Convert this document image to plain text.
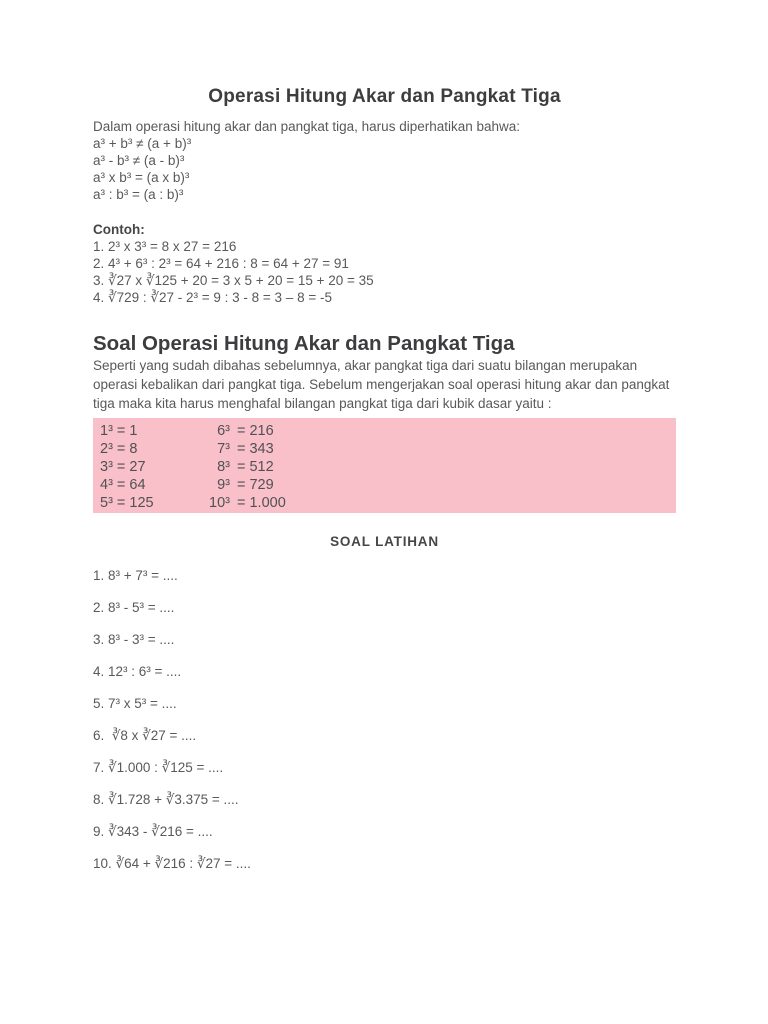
Operasi Hitung Akar dan Pangkat Tiga
Dalam operasi hitung akar dan pangkat tiga, harus diperhatikan bahwa:
a³ + b³ ≠ (a + b)³
a³ - b³ ≠ (a - b)³
a³ x b³ = (a x b)³
a³ : b³ = (a : b)³
Contoh:
1. 2³ x 3³ = 8 x 27 = 216
2. 4³ + 6³ : 2³ = 64 + 216 : 8 = 64 + 27 = 91
3. ∛27 x ∛125 + 20 = 3 x 5 + 20 = 15 + 20 = 35
4. ∛729 : ∛27 - 2³ = 9 : 3 - 8 = 3 – 8 = -5
Soal Operasi Hitung Akar dan Pangkat Tiga

Seperti yang sudah dibahas sebelumnya, akar pangkat tiga dari suatu bilangan merupakan operasi kebalikan dari pangkat tiga. Sebelum mengerjakan soal operasi hitung akar dan pangkat tiga maka kita harus menghafal bilangan pangkat tiga dari kubik dasar yaitu :

1³ = 1	6³ = 216
2³ = 8	7³ = 343
3³ = 27	8³ = 512
4³ = 64	9³ = 729
5³ = 125	10³ = 1.000
SOAL LATIHAN
1. 8³ + 7³ = ....
2. 8³ - 5³ = ....
3. 8³ - 3³ = ....
4. 12³ : 6³ = ....
5. 7³ x 5³ = ....
6.  ∛8 x ∛27 = ....
7. ∛1.000 : ∛125 = ....
8. ∛1.728 + ∛3.375 = ....
9. ∛343 - ∛216 = ....
10. ∛64 + ∛216 : ∛27 = ....
